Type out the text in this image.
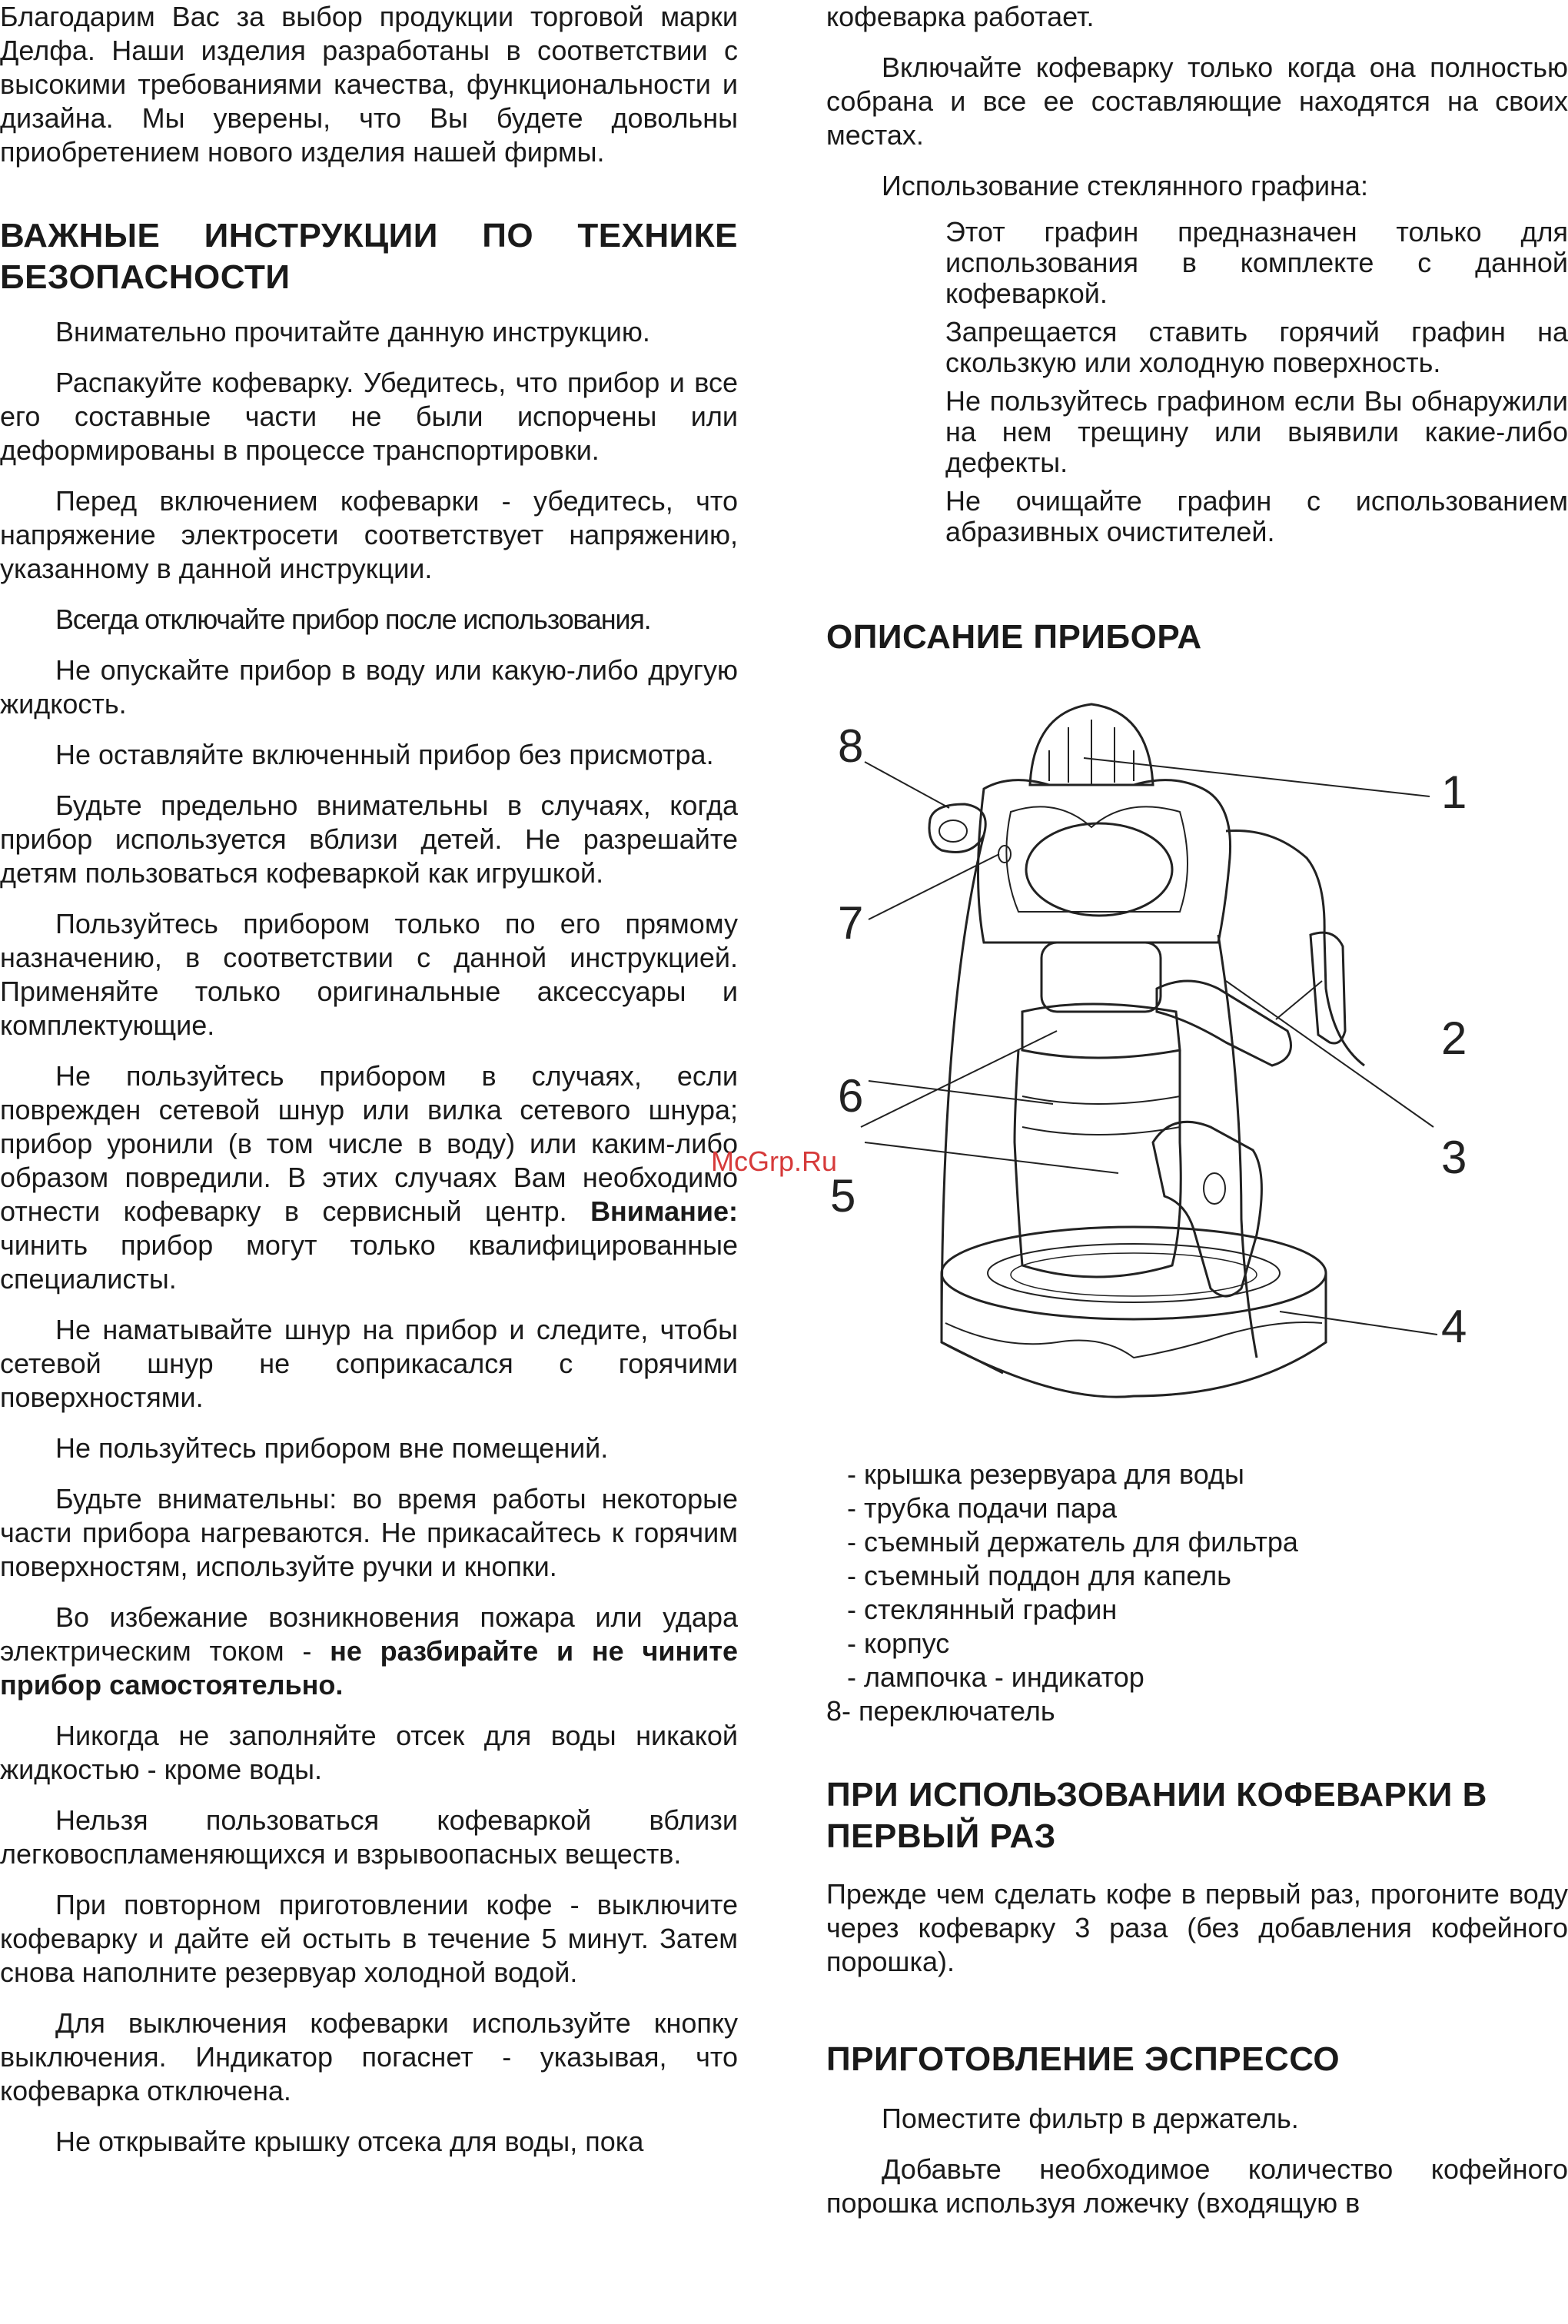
Благодарим Вас за выбор продукции торговой марки Делфа. Наши изделия разработаны в соответствии с высокими требованиями качества, функциональности и дизайна. Мы уверены, что Вы будете довольны приобретением нового изделия нашей фирмы.

ВАЖНЫЕ ИНСТРУКЦИИ ПО ТЕХНИКЕ БЕЗОПАСНОСТИ

Внимательно прочитайте данную инструкцию.

Распакуйте кофеварку. Убедитесь, что прибор и все его составные части не были испорчены или деформированы в процессе транспортировки.

Перед включением кофеварки - убедитесь, что напряжение электросети соответствует напряжению, указанному в данной инструкции.

Всегда отключайте прибор после использования.

Не опускайте прибор в воду или какую-либо другую жидкость.

Не оставляйте включенный прибор без присмотра.

Будьте предельно внимательны в случаях, когда прибор используется вблизи детей. Не разрешайте детям пользоваться кофеваркой как игрушкой.

Пользуйтесь прибором только по его прямому назначению, в соответствии с данной инструкцией. Применяйте только оригинальные аксессуары и комплектующие.

Не пользуйтесь прибором в случаях, если поврежден сетевой шнур или вилка сетевого шнура; прибор уронили (в том числе в воду) или каким-либо образом повредили. В этих случаях Вам необходимо отнести кофеварку в сервисный центр. Внимание: чинить прибор могут только квалифицированные специалисты.

Не наматывайте шнур на прибор и следите, чтобы сетевой шнур не соприкасался с горячими поверхностями.

Не пользуйтесь прибором вне помещений.

Будьте внимательны: во время работы некоторые части прибора нагреваются. Не прикасайтесь к горячим поверхностям, используйте ручки и кнопки.

Во избежание возникновения пожара или удара электрическим током - не разбирайте и не чините прибор самостоятельно.

Никогда не заполняйте отсек для воды никакой жидкостью - кроме воды.

Нельзя пользоваться кофеваркой вблизи легковоспламеняющихся и взрывоопасных веществ.

При повторном приготовлении кофе - выключите кофеварку и дайте ей остыть в течение 5 минут. Затем снова наполните резервуар холодной водой.

Для выключения кофеварки используйте кнопку выключения. Индикатор погаснет - указывая, что кофеварка отключена.

Не открывайте крышку отсека для воды, пока

кофеварка работает.

Включайте кофеварку только когда она полностью собрана и все ее составляющие находятся на своих местах.

Использование стеклянного графина:

Этот графин предназначен только для использования в комплекте с данной кофеваркой.

Запрещается ставить горячий графин на скользкую или холодную поверхность.

Не пользуйтесь графином если Вы обнаружили на нем трещину или выявили какие-либо дефекты.

Не очищайте графин с использованием абразивных очистителей.

ОПИСАНИЕ ПРИБОРА
1
2
3
4
5
6
7
8
- крышка резервуара для воды
- трубка подачи пара
- съемный держатель для фильтра
- съемный поддон для капель
- стеклянный графин
- корпус
- лампочка - индикатор
8- переключатель
ПРИ ИСПОЛЬЗОВАНИИ КОФЕВАРКИ В ПЕРВЫЙ РАЗ

Прежде чем сделать кофе в первый раз, прогоните воду через кофеварку 3 раза (без добавления кофейного порошка).

ПРИГОТОВЛЕНИЕ ЭСПРЕССО

Поместите фильтр в держатель.

Добавьте необходимое количество кофейного порошка используя ложечку (входящую в

McGrp.Ru
